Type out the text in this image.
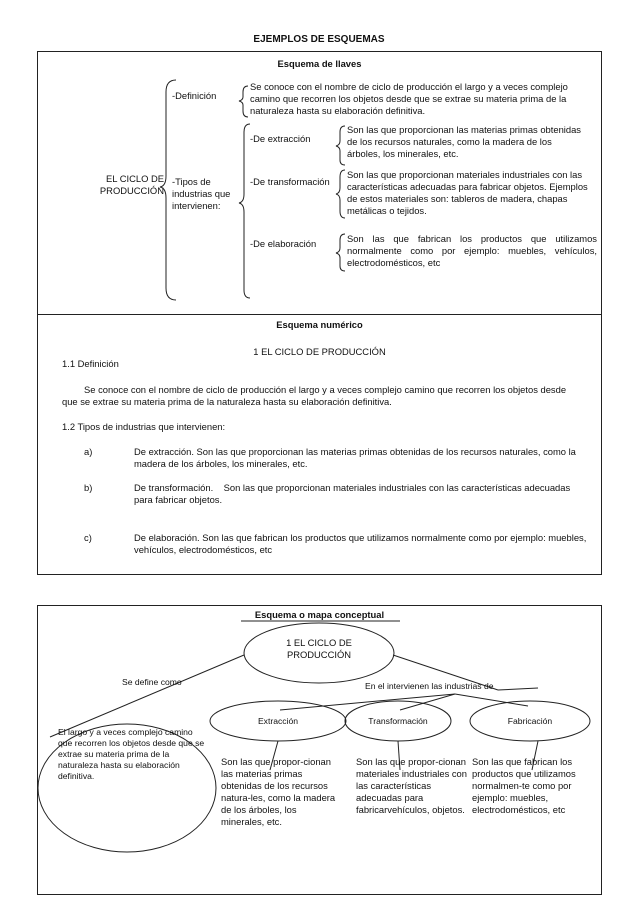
EJEMPLOS DE ESQUEMAS
Esquema de llaves
EL CICLO DE PRODUCCIÓN
-Definición
Se conoce con el nombre de ciclo de producción el largo y a veces complejo camino que recorren los objetos desde que se extrae su materia prima de la naturaleza hasta su elaboración definitiva.
-Tipos de industrias que intervienen:
-De extracción
Son las que proporcionan las materias primas obtenidas de los recursos naturales, como la madera de los árboles, los minerales, etc.
-De transformación
Son las que proporcionan materiales industriales con las características adecuadas para fabricar objetos. Ejemplos de estos materiales son: tableros de madera, chapas metálicas o tejidos.
-De elaboración	Son las que fabrican los productos que utilizamos normalmente como por ejemplo: muebles, vehículos, electrodomésticos, etc
Esquema numérico
1 EL CICLO DE PRODUCCIÓN
1.1 Definición
Se conoce con el nombre de ciclo de producción el largo y a veces complejo camino que recorren los objetos desde que se extrae su materia prima de la naturaleza hasta su elaboración definitiva.
1.2 Tipos de industrias que intervienen:
a)	De extracción. Son las que proporcionan las materias primas obtenidas de los recursos naturales, como la madera de los árboles, los minerales, etc.
b)	De transformación.    Son las que proporcionan materiales industriales con las características adecuadas para fabricar objetos.
c)	De elaboración. Son las que fabrican los productos que utilizamos normalmente como por ejemplo: muebles, vehículos, electrodomésticos, etc
Esquema o mapa conceptual
1 EL CICLO DE PRODUCCIÓN
Se define como	En el intervienen las industrias de
El largo y a veces complejo camino que recorren los objetos desde que se extrae su materia prima de la naturaleza hasta su elaboración definitiva.
Extracción	Transformación	Fabricación
Son las que propor-cionan las materias primas obtenidas de los recursos natura-les, como la madera de los árboles, los minerales, etc.
Son las que propor-cionan materiales industriales con las características adecuadas para fabricarvehículos, objetos.
Son las que fabrican los productos que utilizamos normalmen-te como por ejemplo: muebles, electrodomésticos, etc
